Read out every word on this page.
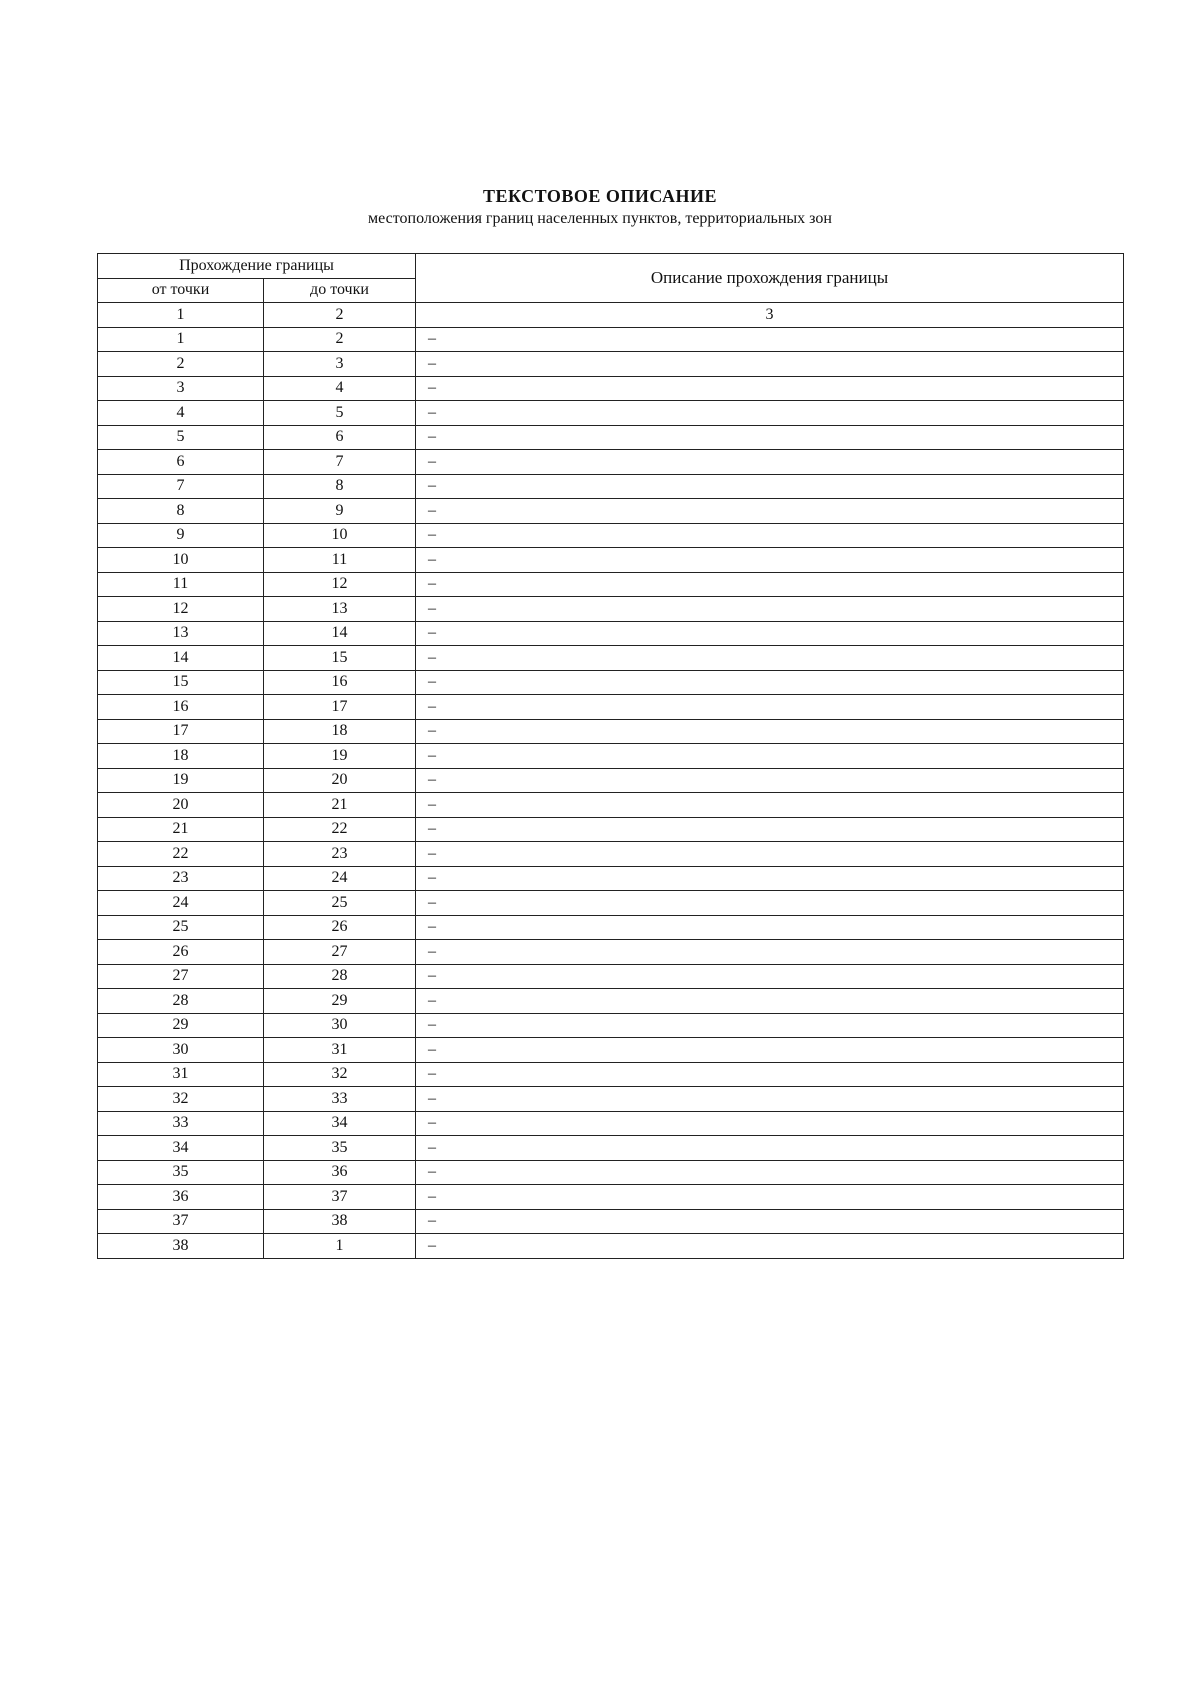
ТЕКСТОВОЕ ОПИСАНИЕ
местоположения границ населенных пунктов, территориальных зон
Прохождение границы		Описание прохождения границы
от точки	до точки	
1	2	3
1	2	–
2	3	–
3	4	–
4	5	–
5	6	–
6	7	–
7	8	–
8	9	–
9	10	–
10	11	–
11	12	–
12	13	–
13	14	–
14	15	–
15	16	–
16	17	–
17	18	–
18	19	–
19	20	–
20	21	–
21	22	–
22	23	–
23	24	–
24	25	–
25	26	–
26	27	–
27	28	–
28	29	–
29	30	–
30	31	–
31	32	–
32	33	–
33	34	–
34	35	–
35	36	–
36	37	–
37	38	–
38	1	–
